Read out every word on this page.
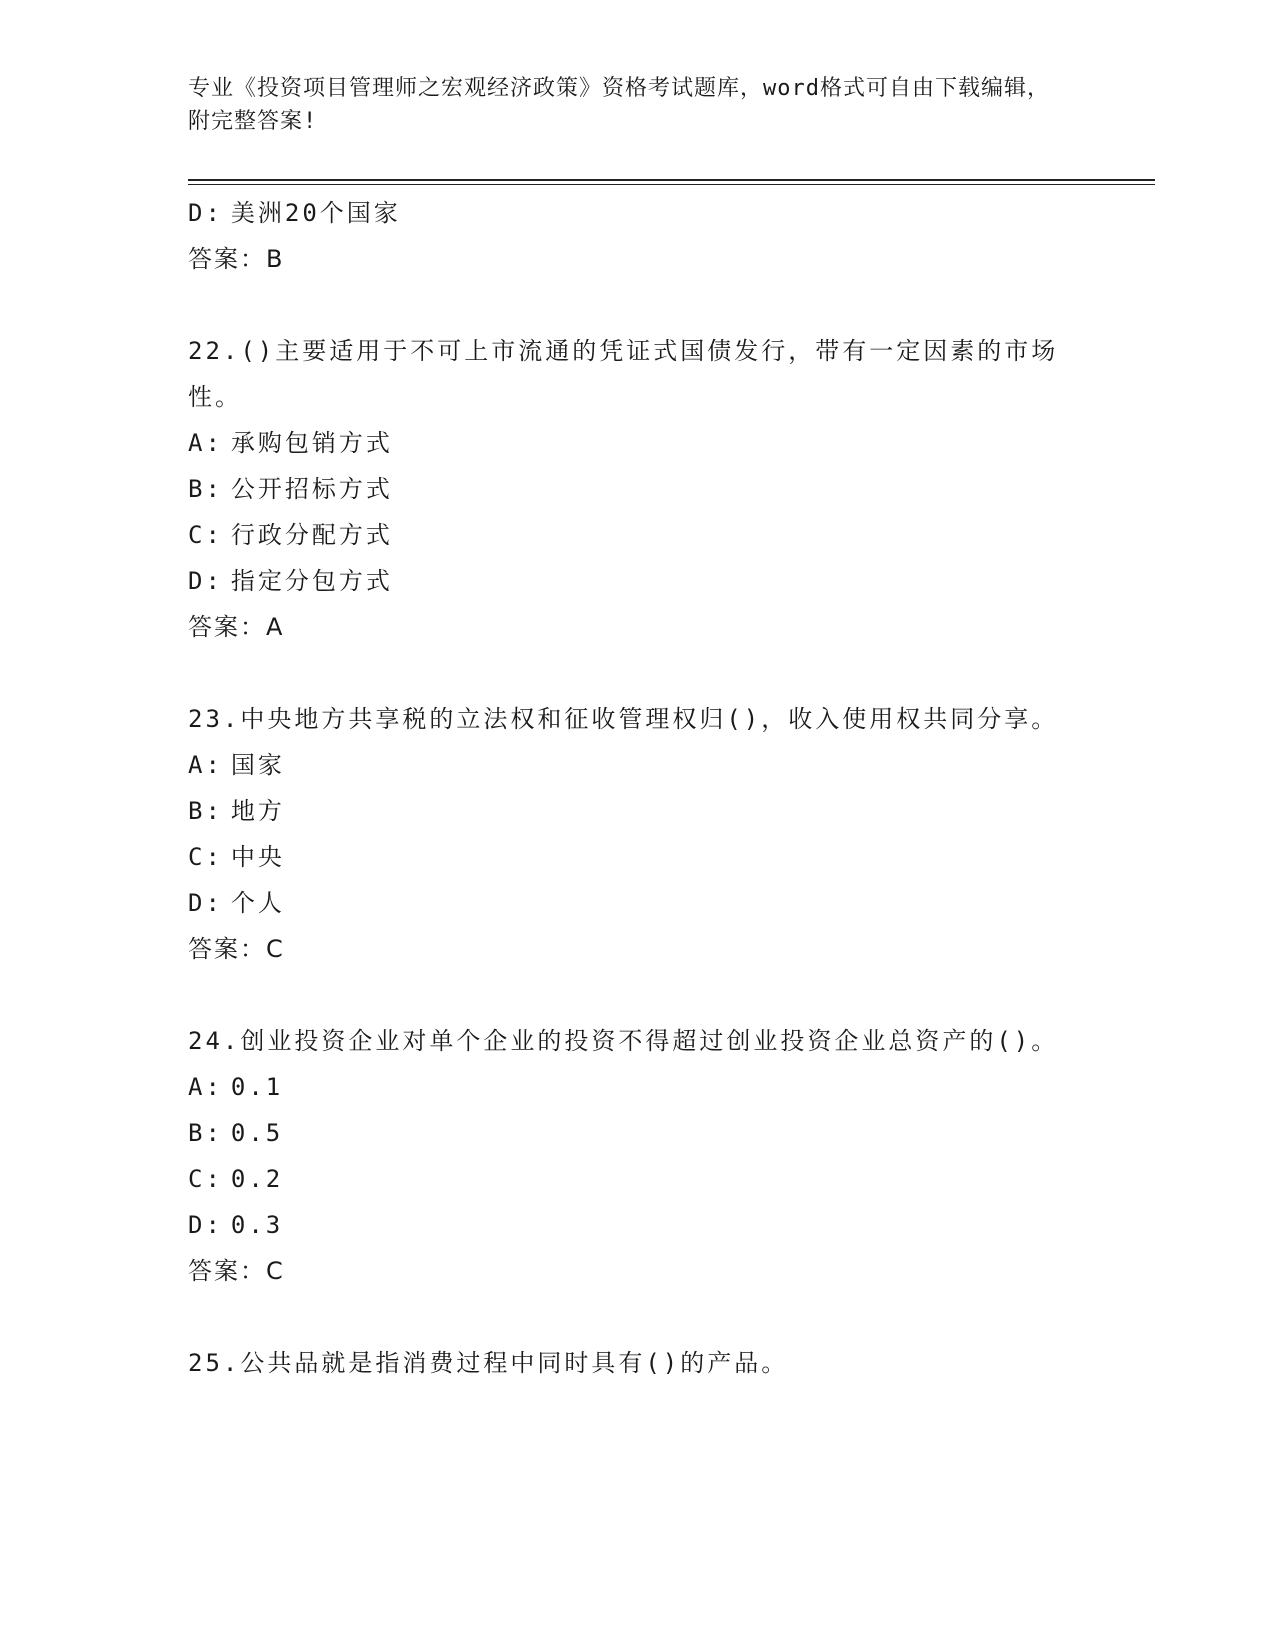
专业《投资项目管理师之宏观经济政策》资格考试题库，word格式可自由下载编辑，附完整答案!
D: 美洲20个国家
答案：B
22.()主要适用于不可上市流通的凭证式国债发行，带有一定因素的市场性。
A: 承购包销方式
B: 公开招标方式
C: 行政分配方式
D: 指定分包方式
答案：A
23.中央地方共享税的立法权和征收管理权归()，收入使用权共同分享。
A: 国家
B: 地方
C: 中央
D: 个人
答案：C
24.创业投资企业对单个企业的投资不得超过创业投资企业总资产的()。
A: 0.1
B: 0.5
C: 0.2
D: 0.3
答案：C
25.公共品就是指消费过程中同时具有()的产品。
